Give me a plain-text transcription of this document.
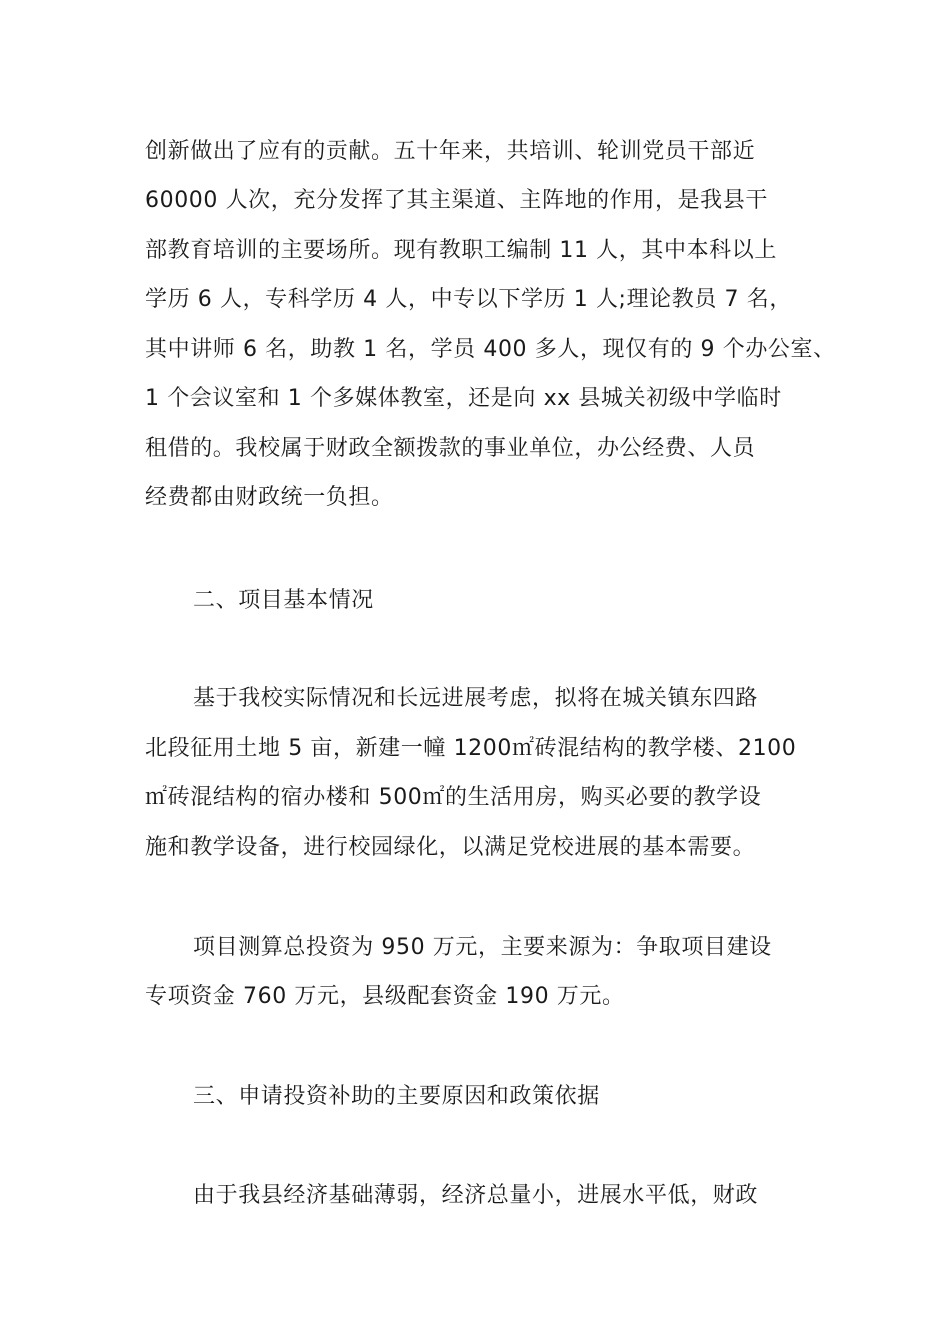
创新做出了应有的贡献。五十年来，共培训、轮训党员干部近
60000 人次，充分发挥了其主渠道、主阵地的作用，是我县干
部教育培训的主要场所。现有教职工编制 11 人，其中本科以上
学历 6 人，专科学历 4 人，中专以下学历 1 人;理论教员 7 名，
其中讲师 6 名，助教 1 名，学员 400 多人，现仅有的 9 个办公室、
1 个会议室和 1 个多媒体教室，还是向 xx 县城关初级中学临时
租借的。我校属于财政全额拨款的事业单位，办公经费、人员
经费都由财政统一负担。
二、项目基本情况
基于我校实际情况和长远进展考虑，拟将在城关镇东四路
北段征用土地 5 亩，新建一幢 1200㎡砖混结构的教学楼、2100
㎡砖混结构的宿办楼和 500㎡的生活用房，购买必要的教学设
施和教学设备，进行校园绿化，以满足党校进展的基本需要。
项目测算总投资为 950 万元，主要来源为：争取项目建设
专项资金 760 万元，县级配套资金 190 万元。
三、申请投资补助的主要原因和政策依据
由于我县经济基础薄弱，经济总量小，进展水平低，财政
